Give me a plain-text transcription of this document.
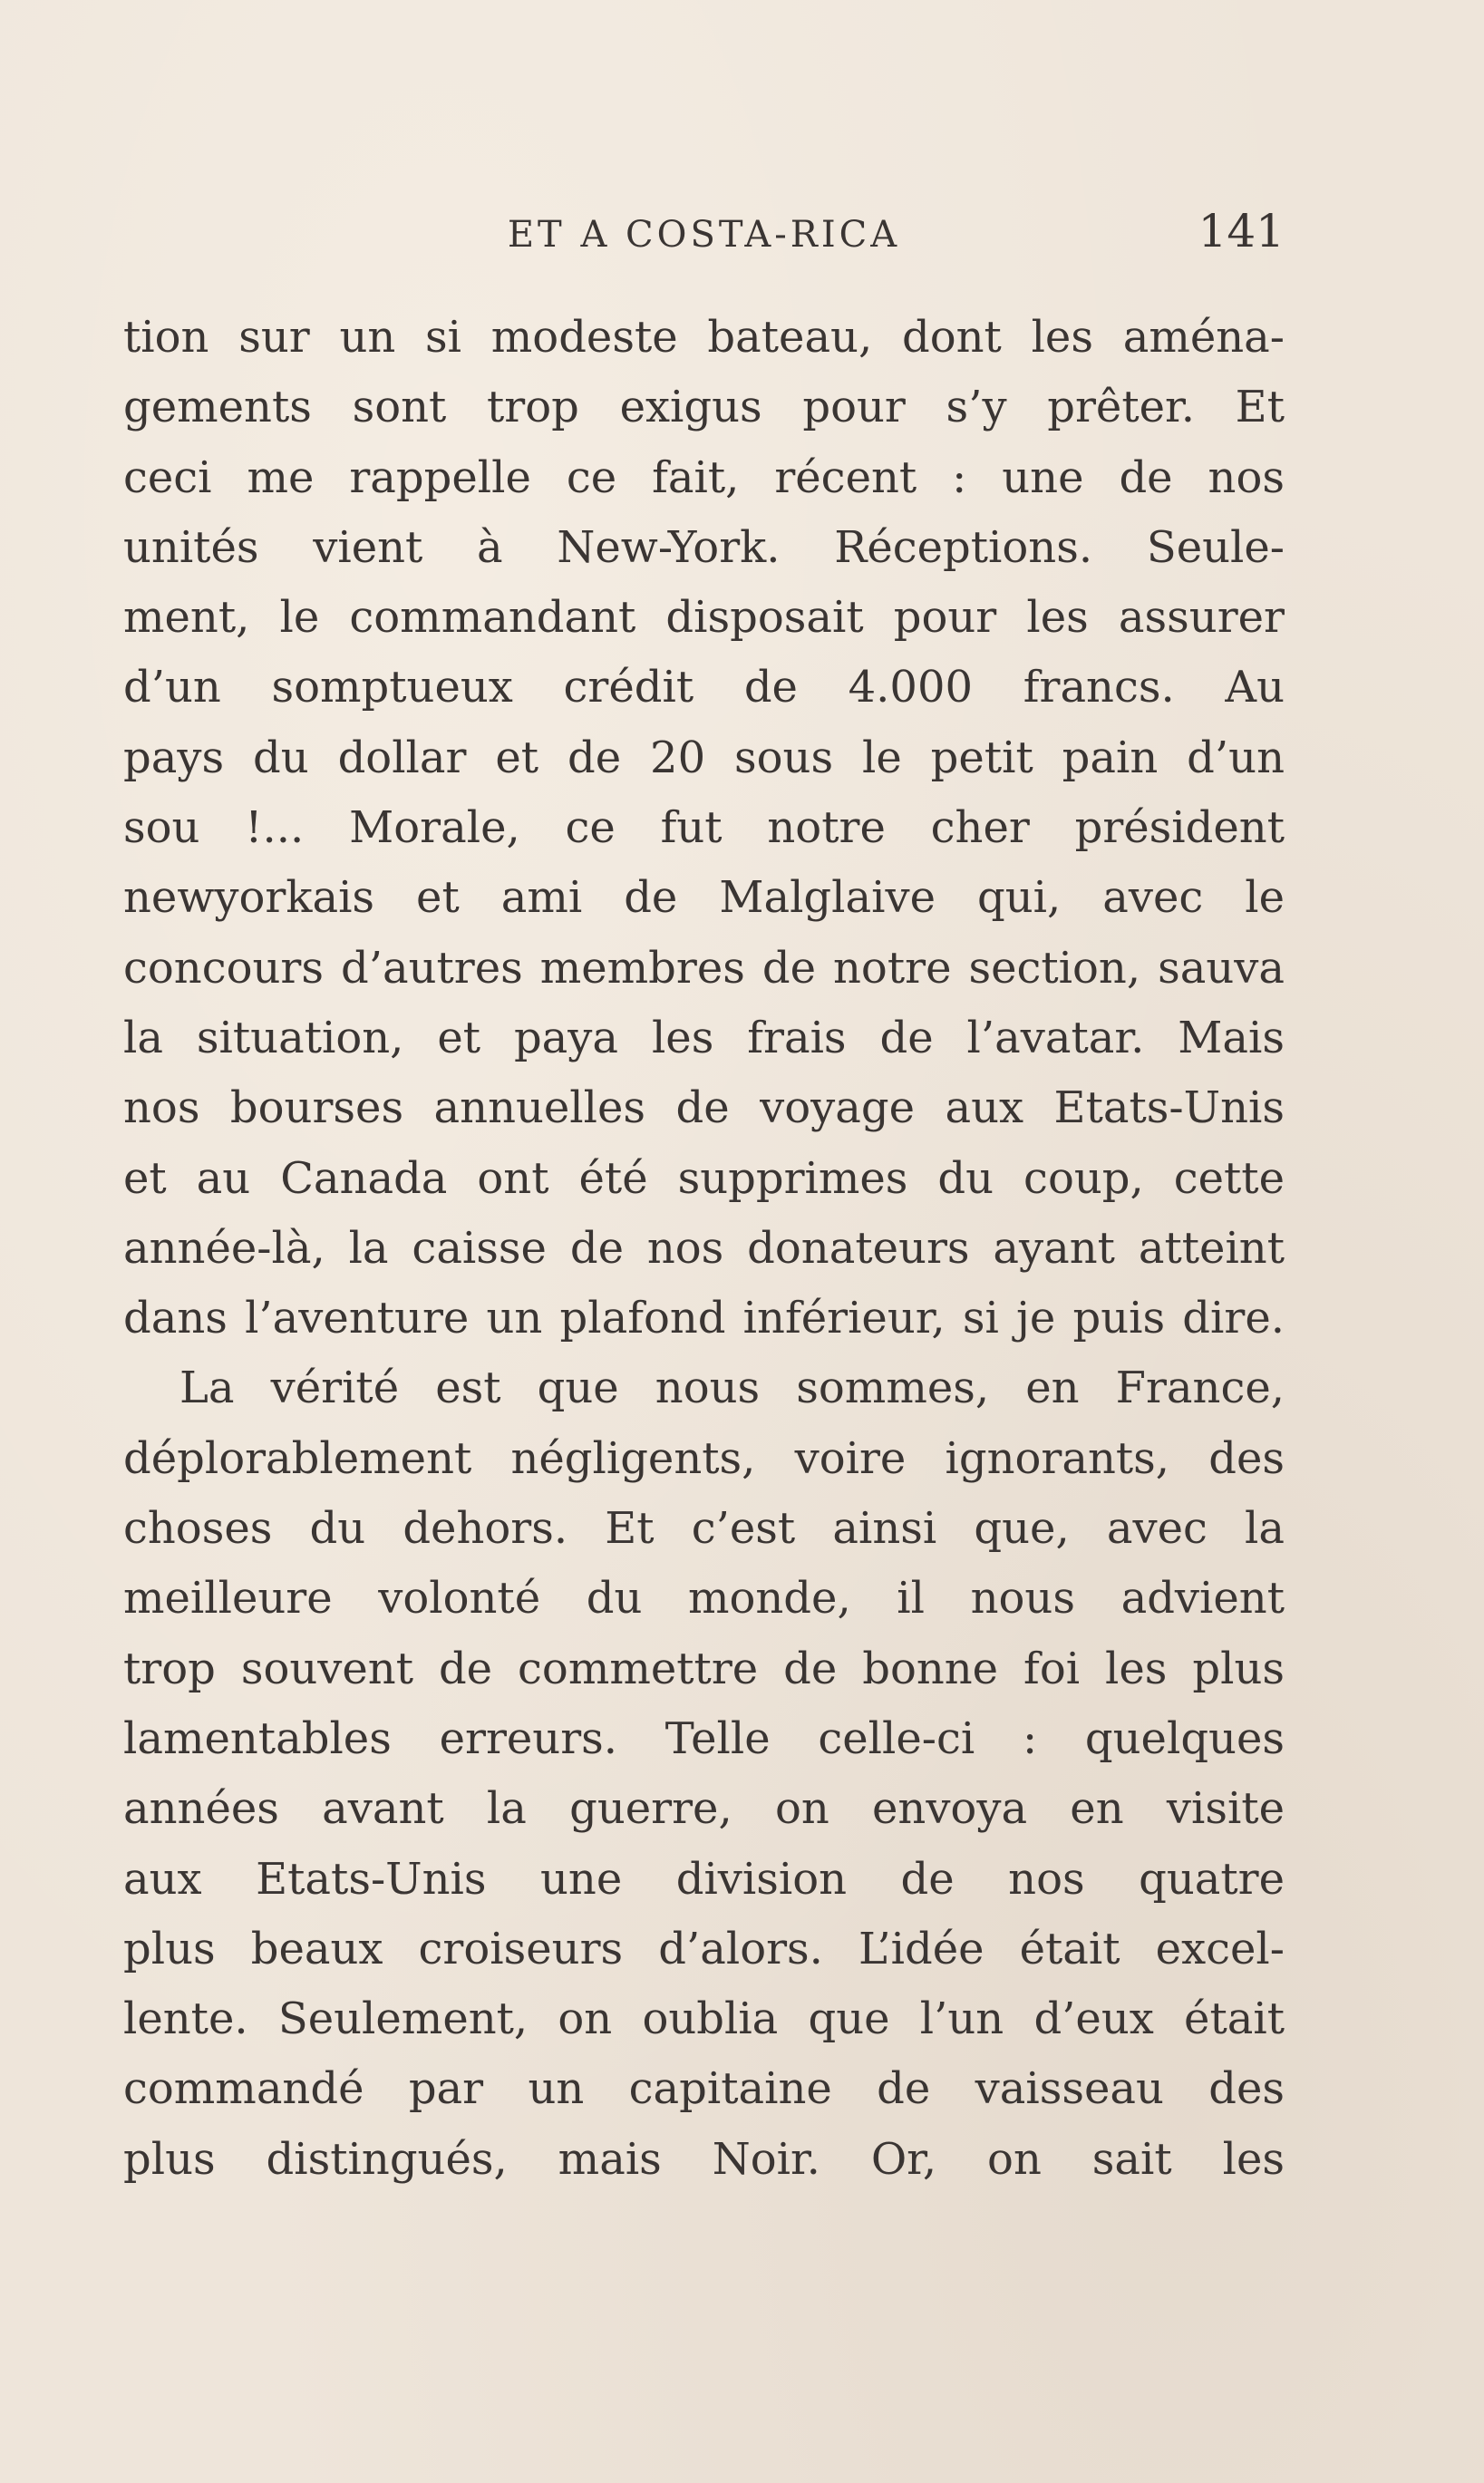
ET A COSTA-RICA	141
tion sur un si modeste bateau, dont les aména-
gements sont trop exigus pour s’y prêter. Et
ceci me rappelle ce fait, récent : une de nos
unités vient à New-York. Réceptions. Seule-
ment, le commandant disposait pour les assurer
d’un somptueux crédit de 4.000 francs. Au
pays du dollar et de 20 sous le petit pain d’un
sou !... Morale, ce fut notre cher président
newyorkais et ami de Malglaive qui, avec le
concours d’autres membres de notre section, sauva
la situation, et paya les frais de l’avatar. Mais
nos bourses annuelles de voyage aux Etats-Unis
et au Canada ont été supprimes du coup, cette
année-là, la caisse de nos donateurs ayant atteint
dans l’aventure un plafond inférieur, si je puis dire.
La vérité est que nous sommes, en France,
déplorablement négligents, voire ignorants, des
choses du dehors. Et c’est ainsi que, avec la
meilleure volonté du monde, il nous advient
trop souvent de commettre de bonne foi les plus
lamentables erreurs. Telle celle-ci : quelques
années avant la guerre, on envoya en visite
aux Etats-Unis une division de nos quatre
plus beaux croiseurs d’alors. L’idée était excel-
lente. Seulement, on oublia que l’un d’eux était
commandé par un capitaine de vaisseau des
plus distingués, mais Noir. Or, on sait les
